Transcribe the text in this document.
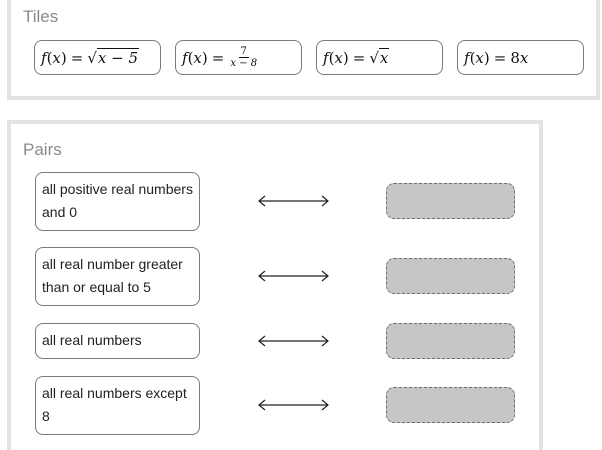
Tiles
f ( x ) = √ x − 5	f ( x ) = $\frac{7}{x - 8}$	f ( x ) = √ x	f ( x ) = 8 x
Pairs
all positive real numbers and 0
all real number greater than or equal to 5
all real numbers
all real numbers except 8
